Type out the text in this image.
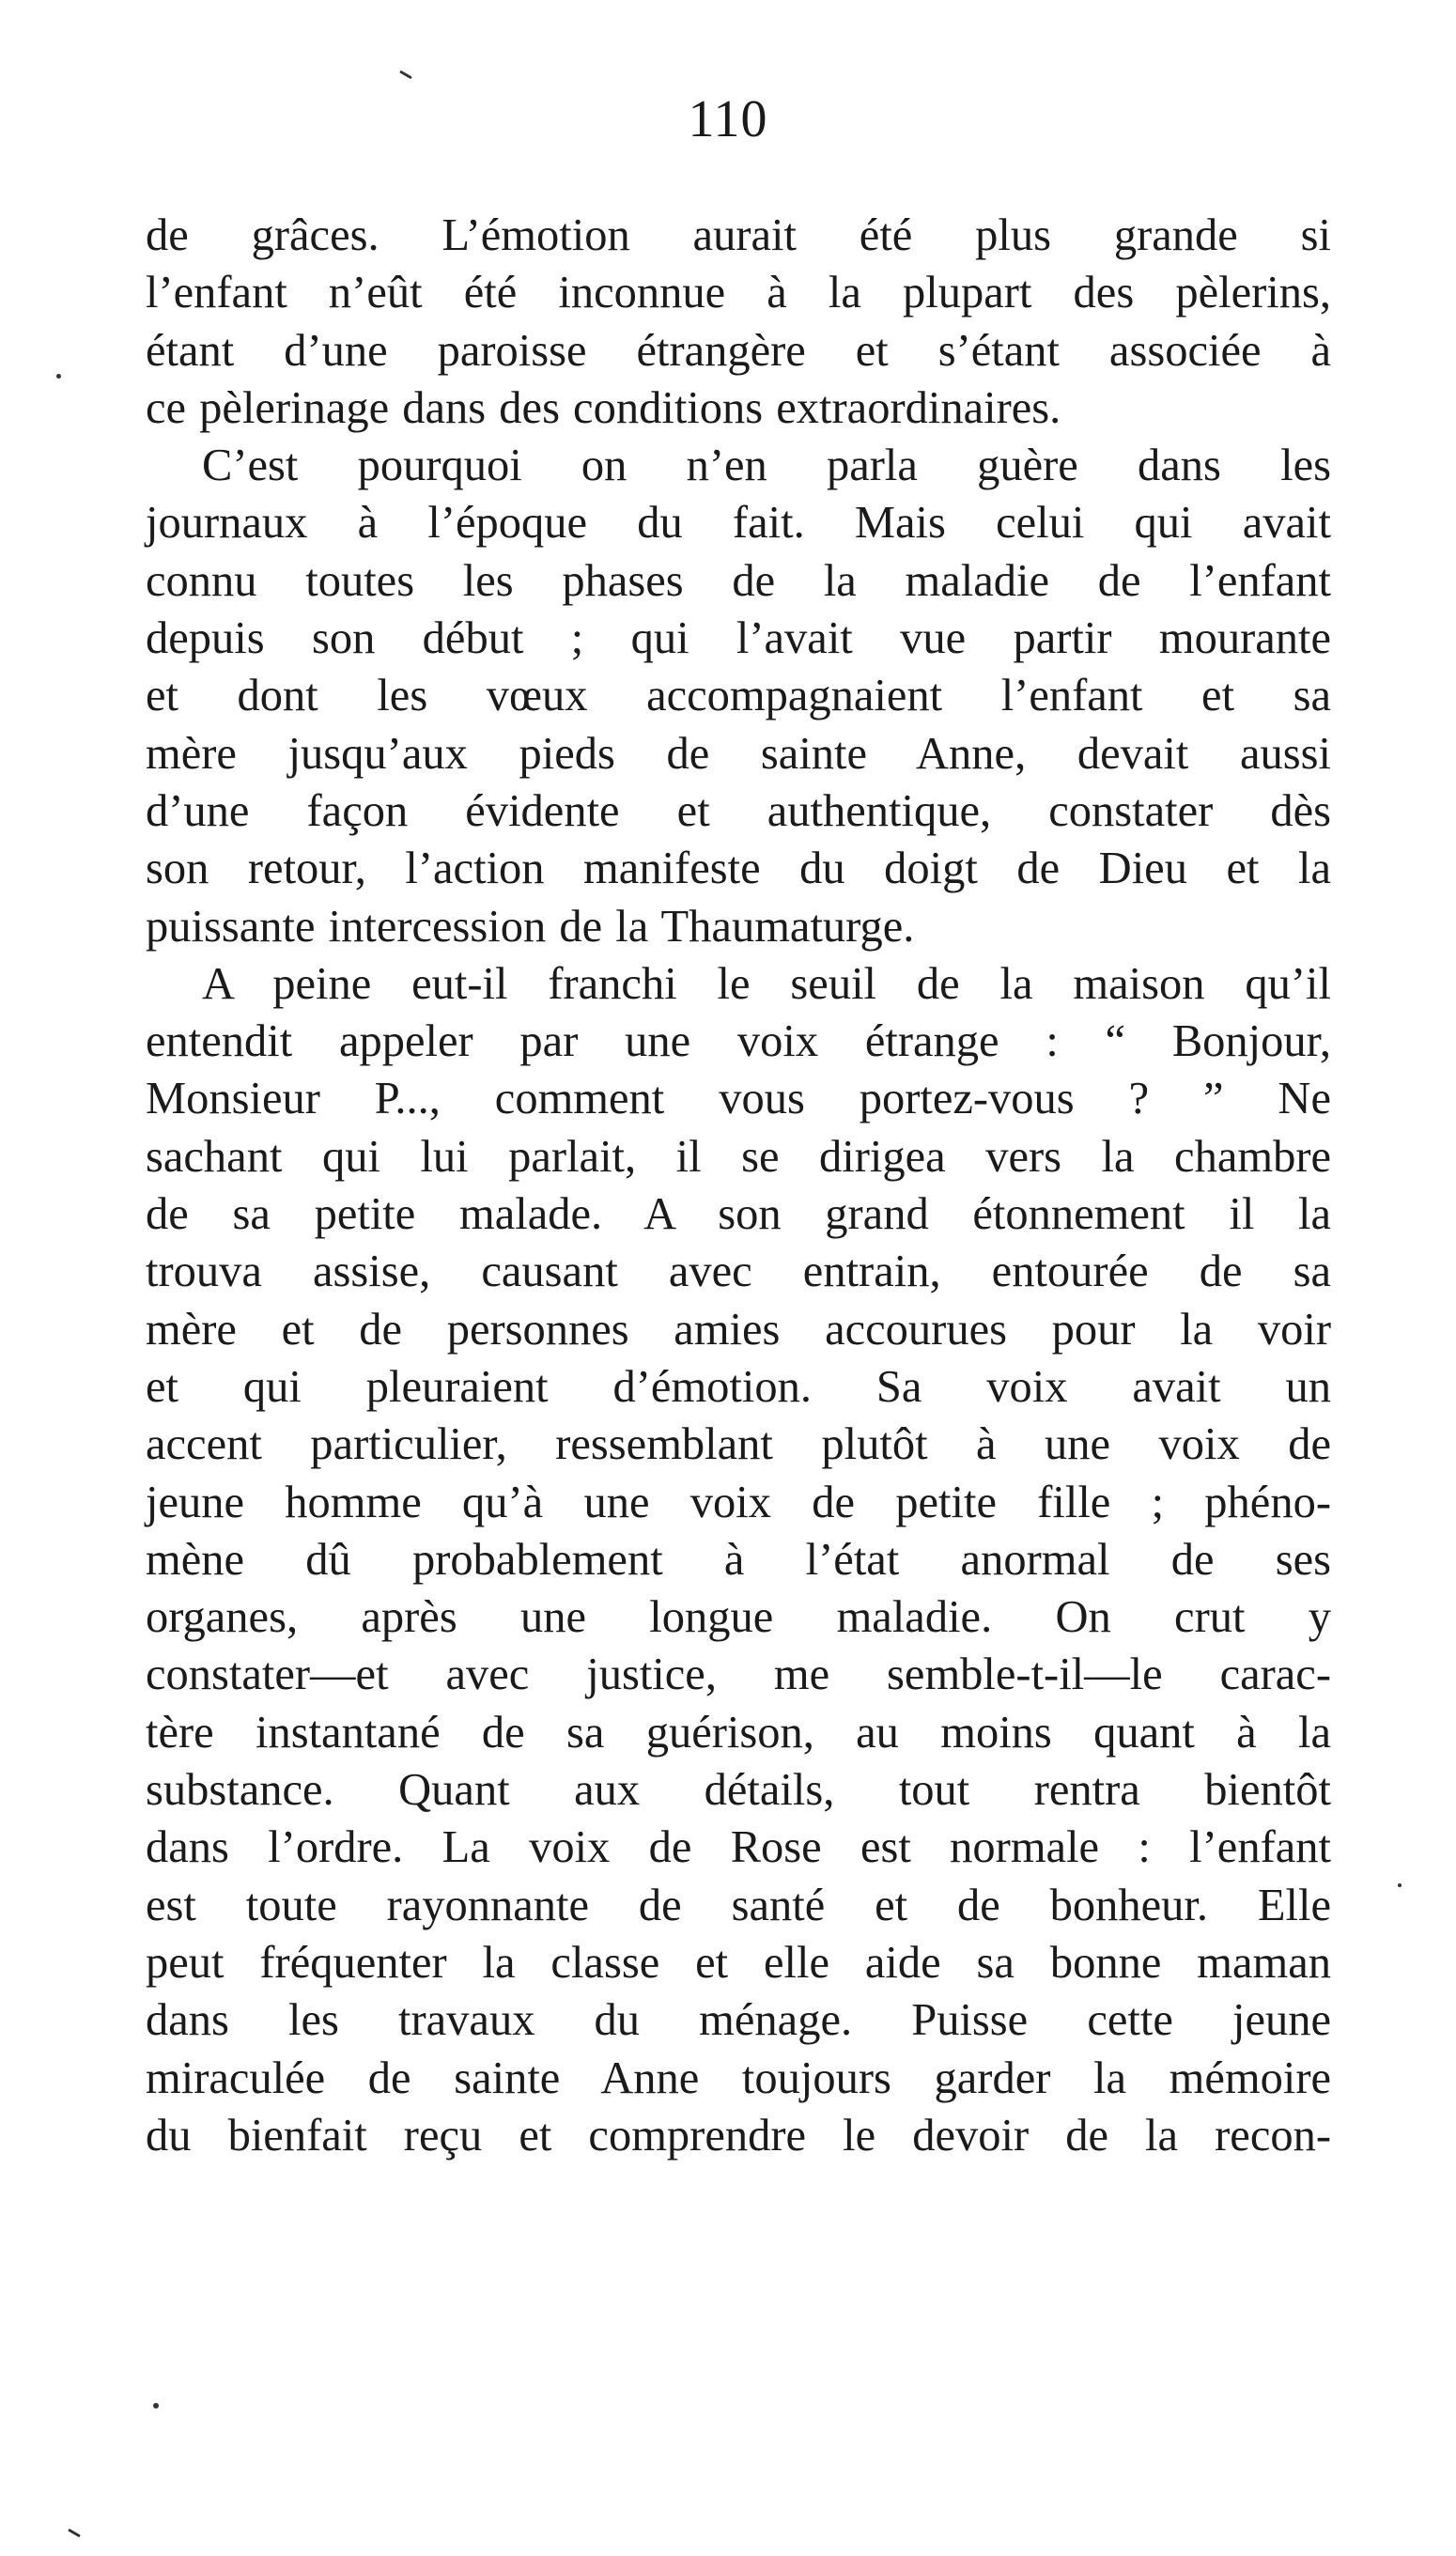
110
de grâces. L’émotion aurait été plus grande si
l’enfant n’eût été inconnue à la plupart des pèlerins,
étant d’une paroisse étrangère et s’étant associée à
ce pèlerinage dans des conditions extraordinaires.
C’est pourquoi on n’en parla guère dans les
journaux à l’époque du fait. Mais celui qui avait
connu toutes les phases de la maladie de l’enfant
depuis son début ; qui l’avait vue partir mourante
et dont les vœux accompagnaient l’enfant et sa
mère jusqu’aux pieds de sainte Anne, devait aussi
d’une façon évidente et authentique, constater dès
son retour, l’action manifeste du doigt de Dieu et la
puissante intercession de la Thaumaturge.
A peine eut-il franchi le seuil de la maison qu’il
entendit appeler par une voix étrange : “ Bonjour,
Monsieur P..., comment vous portez-vous ? ” Ne
sachant qui lui parlait, il se dirigea vers la chambre
de sa petite malade. A son grand étonnement il la
trouva assise, causant avec entrain, entourée de sa
mère et de personnes amies accourues pour la voir
et qui pleuraient d’émotion. Sa voix avait un
accent particulier, ressemblant plutôt à une voix de
jeune homme qu’à une voix de petite fille ; phéno-
mène dû probablement à l’état anormal de ses
organes, après une longue maladie. On crut y
constater—et avec justice, me semble-t-il—le carac-
tère instantané de sa guérison, au moins quant à la
substance. Quant aux détails, tout rentra bientôt
dans l’ordre. La voix de Rose est normale : l’enfant
est toute rayonnante de santé et de bonheur. Elle
peut fréquenter la classe et elle aide sa bonne maman
dans les travaux du ménage. Puisse cette jeune
miraculée de sainte Anne toujours garder la mémoire
du bienfait reçu et comprendre le devoir de la recon-
